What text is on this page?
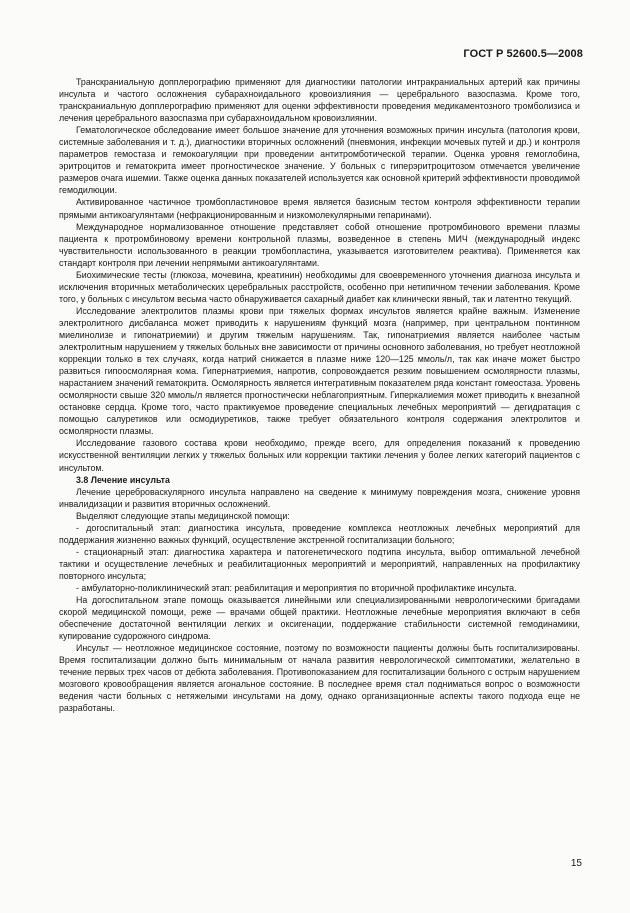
ГОСТ Р 52600.5—2008

Транскраниальную допплерографию применяют для диагностики патологии интракраниальных артерий как причины инсульта и частого осложнения субарахноидального кровоизлияния — церебрального вазоспазма. Кроме того, транскраниальную допплерографию применяют для оценки эффективности проведения медикаментозного тромболизиса и лечения церебрального вазоспазма при субарахноидальном кровоизлиянии.

Гематологическое обследование имеет большое значение для уточнения возможных причин инсульта (патология крови, системные заболевания и т. д.), диагностики вторичных осложнений (пневмония, инфекции мочевых путей и др.) и контроля параметров гемостаза и гемокоагуляции при проведении антитромботической терапии. Оценка уровня гемоглобина, эритроцитов и гематокрита имеет прогностическое значение. У больных с гиперэритроцитозом отмечается увеличение размеров очага ишемии. Также оценка данных показателей используется как основной критерий эффективности проводимой гемодилюции.

Активированное частичное тромбопластиновое время является базисным тестом контроля эффективности терапии прямыми антикоагулянтами (нефракционированным и низкомолекулярными гепаринами).

Международное нормализованное отношение представляет собой отношение протромбинового времени плазмы пациента к протромбиновому времени контрольной плазмы, возведенное в степень МИЧ (международный индекс чувствительности использованного в реакции тромбопластина, указывается изготовителем реактива). Применяется как стандарт контроля при лечении непрямыми антикоагулянтами.

Биохимические тесты (глюкоза, мочевина, креатинин) необходимы для своевременного уточнения диагноза инсульта и исключения вторичных метаболических церебральных расстройств, особенно при нетипичном течении заболевания. Кроме того, у больных с инсультом весьма часто обнаруживается сахарный диабет как клинически явный, так и латентно текущий.

Исследование электролитов плазмы крови при тяжелых формах инсультов является крайне важным. Изменение электролитного дисбаланса может приводить к нарушениям функций мозга (например, при центральном понтинном миелинолизе и гипонатриемии) и другим тяжелым нарушениям. Так, гипонатриемия является наиболее частым электролитным нарушением у тяжелых больных вне зависимости от причины основного заболевания, но требует неотложной коррекции только в тех случаях, когда натрий снижается в плазме ниже 120—125 ммоль/л, так как иначе может быстро развиться гипоосмолярная кома. Гипернатриемия, напротив, сопровождается резким повышением осмолярности плазмы, нарастанием значений гематокрита. Осмолярность является интегративным показателем ряда констант гомеостаза. Уровень осмолярности свыше 320 ммоль/л является прогностически неблагоприятным. Гиперкалиемия может приводить к внезапной остановке сердца. Кроме того, часто практикуемое проведение специальных лечебных мероприятий — дегидратация с помощью салуретиков или осмодиуретиков, также требует обязательного контроля содержания электролитов и осмолярности плазмы.

Исследование газового состава крови необходимо, прежде всего, для определения показаний к проведению искусственной вентиляции легких у тяжелых больных или коррекции тактики лечения у более легких категорий пациентов с инсультом.

3.8 Лечение инсульта

Лечение цереброваскулярного инсульта направлено на сведение к минимуму повреждения мозга, снижение уровня инвалидизации и развития вторичных осложнений.

Выделяют следующие этапы медицинской помощи:

- догоспитальный этап: диагностика инсульта, проведение комплекса неотложных лечебных мероприятий для поддержания жизненно важных функций, осуществление экстренной госпитализации больного;

- стационарный этап: диагностика характера и патогенетического подтипа инсульта, выбор оптимальной лечебной тактики и осуществление лечебных и реабилитационных мероприятий и мероприятий, направленных на профилактику повторного инсульта;

- амбулаторно-поликлинический этап: реабилитация и мероприятия по вторичной профилактике инсульта.

На догоспитальном этапе помощь оказывается линейными или специализированными неврологическими бригадами скорой медицинской помощи, реже — врачами общей практики. Неотложные лечебные мероприятия включают в себя обеспечение достаточной вентиляции легких и оксигенации, поддержание стабильности системной гемодинамики, купирование судорожного синдрома.

Инсульт — неотложное медицинское состояние, поэтому по возможности пациенты должны быть госпитализированы. Время госпитализации должно быть минимальным от начала развития неврологической симптоматики, желательно в течение первых трех часов от дебюта заболевания. Противопоказанием для госпитализации больного с острым нарушением мозгового кровообращения является агональное состояние. В последнее время стал подниматься вопрос о возможности ведения части больных с нетяжелыми инсультами на дому, однако организационные аспекты такого подхода еще не разработаны.

15
